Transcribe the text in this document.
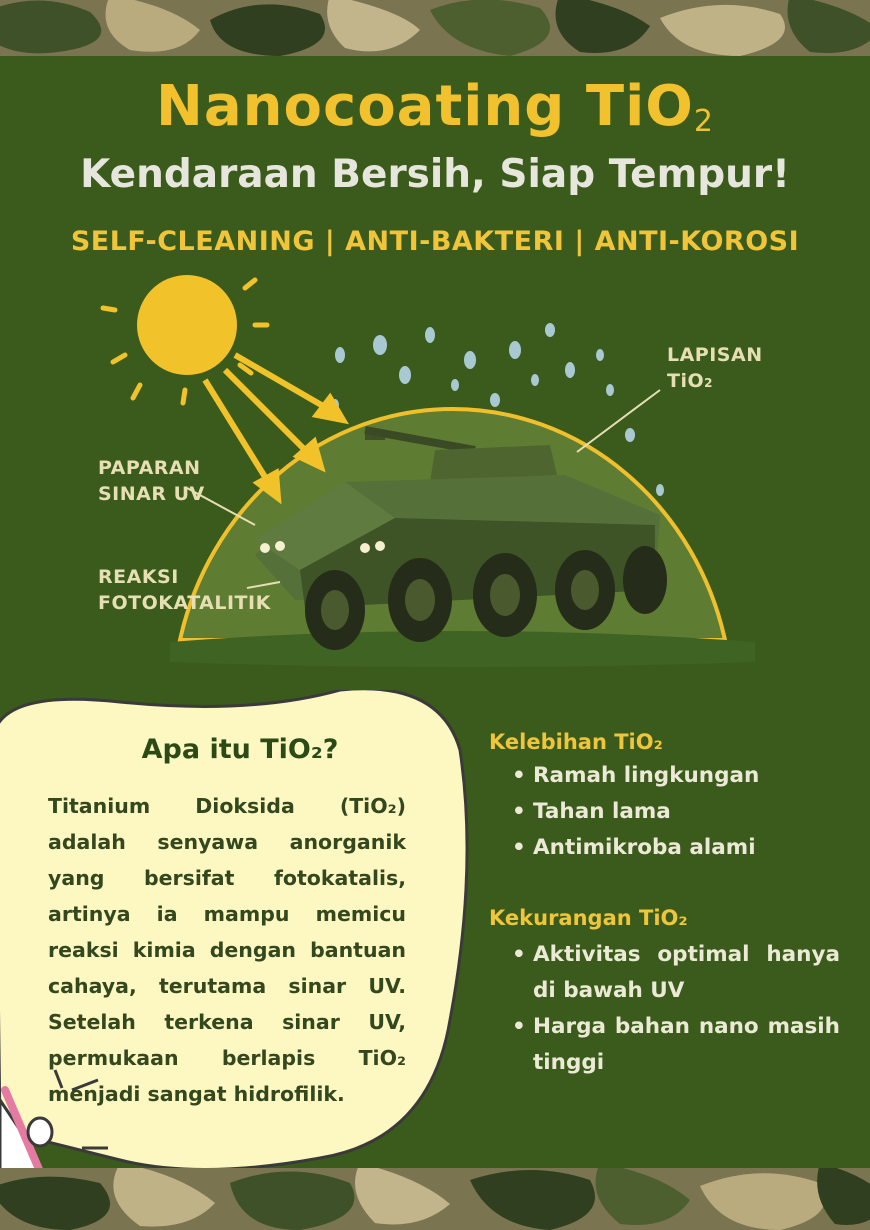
Nanocoating TiO$_2$
Kendaraan Bersih, Siap Tempur!
SELF-CLEANING | ANTI-BAKTERI | ANTI-KOROSI
LAPISAN
TiO2
PAPARAN
SINAR UV
REAKSI
FOTOKATALITIK
Apa itu TiO₂?
Titanium Dioksida (TiO₂) adalah senyawa anorganik yang bersifat fotokatalis, artinya ia mampu memicu reaksi kimia dengan bantuan cahaya, terutama sinar UV. Setelah terkena sinar UV, permukaan berlapis TiO₂ menjadi sangat hidrofilik.
Kelebihan TiO₂
• Ramah lingkungan
• Tahan lama
• Antimikroba alami
Kekurangan TiO₂
• Aktivitas optimal hanya di bawah UV
• Harga bahan nano masih tinggi
